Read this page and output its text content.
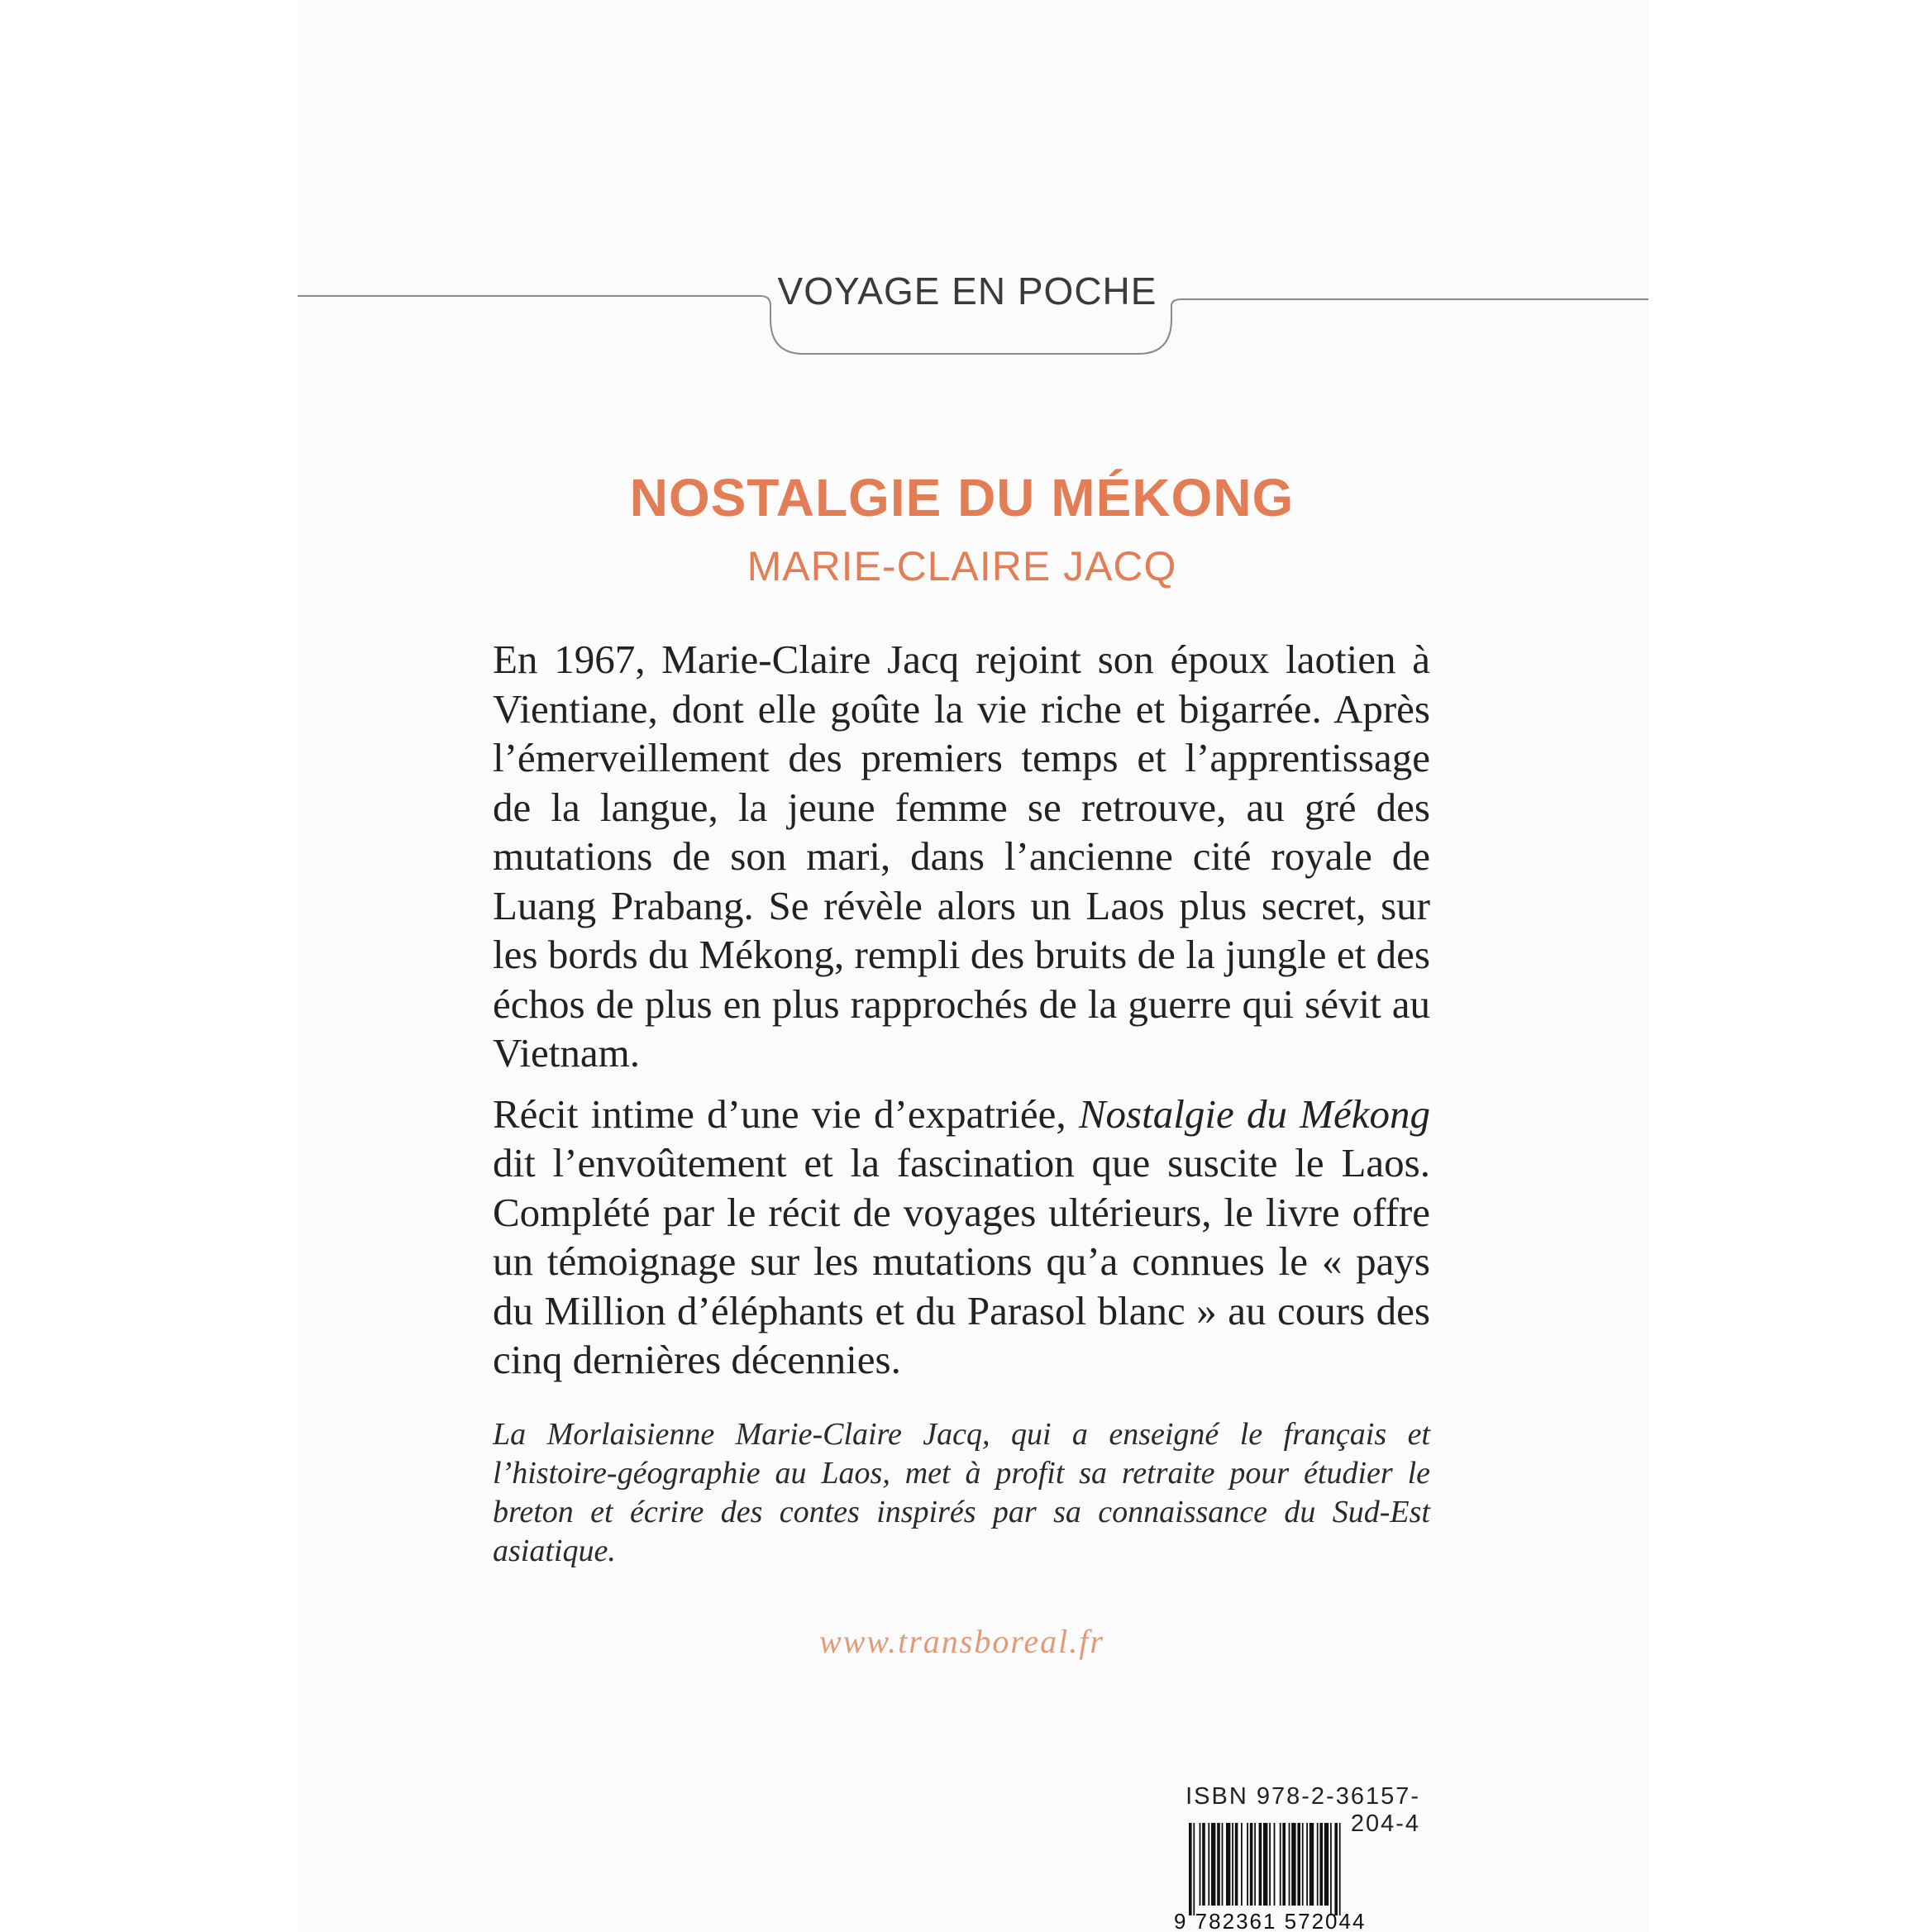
VOYAGE EN POCHE
NOSTALGIE DU MÉKONG
MARIE-CLAIRE JACQ

En 1967, Marie-Claire Jacq rejoint son époux laotien à Vientiane, dont elle goûte la vie riche et bigarrée. Après l’émerveillement des premiers temps et l’apprentissage de la langue, la jeune femme se retrouve, au gré des mutations de son mari, dans l’ancienne cité royale de Luang Prabang. Se révèle alors un Laos plus secret, sur les bords du Mékong, rempli des bruits de la jungle et des échos de plus en plus rapprochés de la guerre qui sévit au Vietnam.

Récit intime d’une vie d’expatriée, Nostalgie du Mékong dit l’envoûtement et la fascination que suscite le Laos. Complété par le récit de voyages ultérieurs, le livre offre un témoignage sur les mutations qu’a connues le « pays du Million d’éléphants et du Parasol blanc » au cours des cinq dernières décennies.

La Morlaisienne Marie-Claire Jacq, qui a enseigné le français et l’histoire-géographie au Laos, met à profit sa retraite pour étudier le breton et écrire des contes inspirés par sa connaissance du Sud-Est asiatique.
www.transboreal.fr
ISBN 978-2-36157-204-4
9 782361 572044
